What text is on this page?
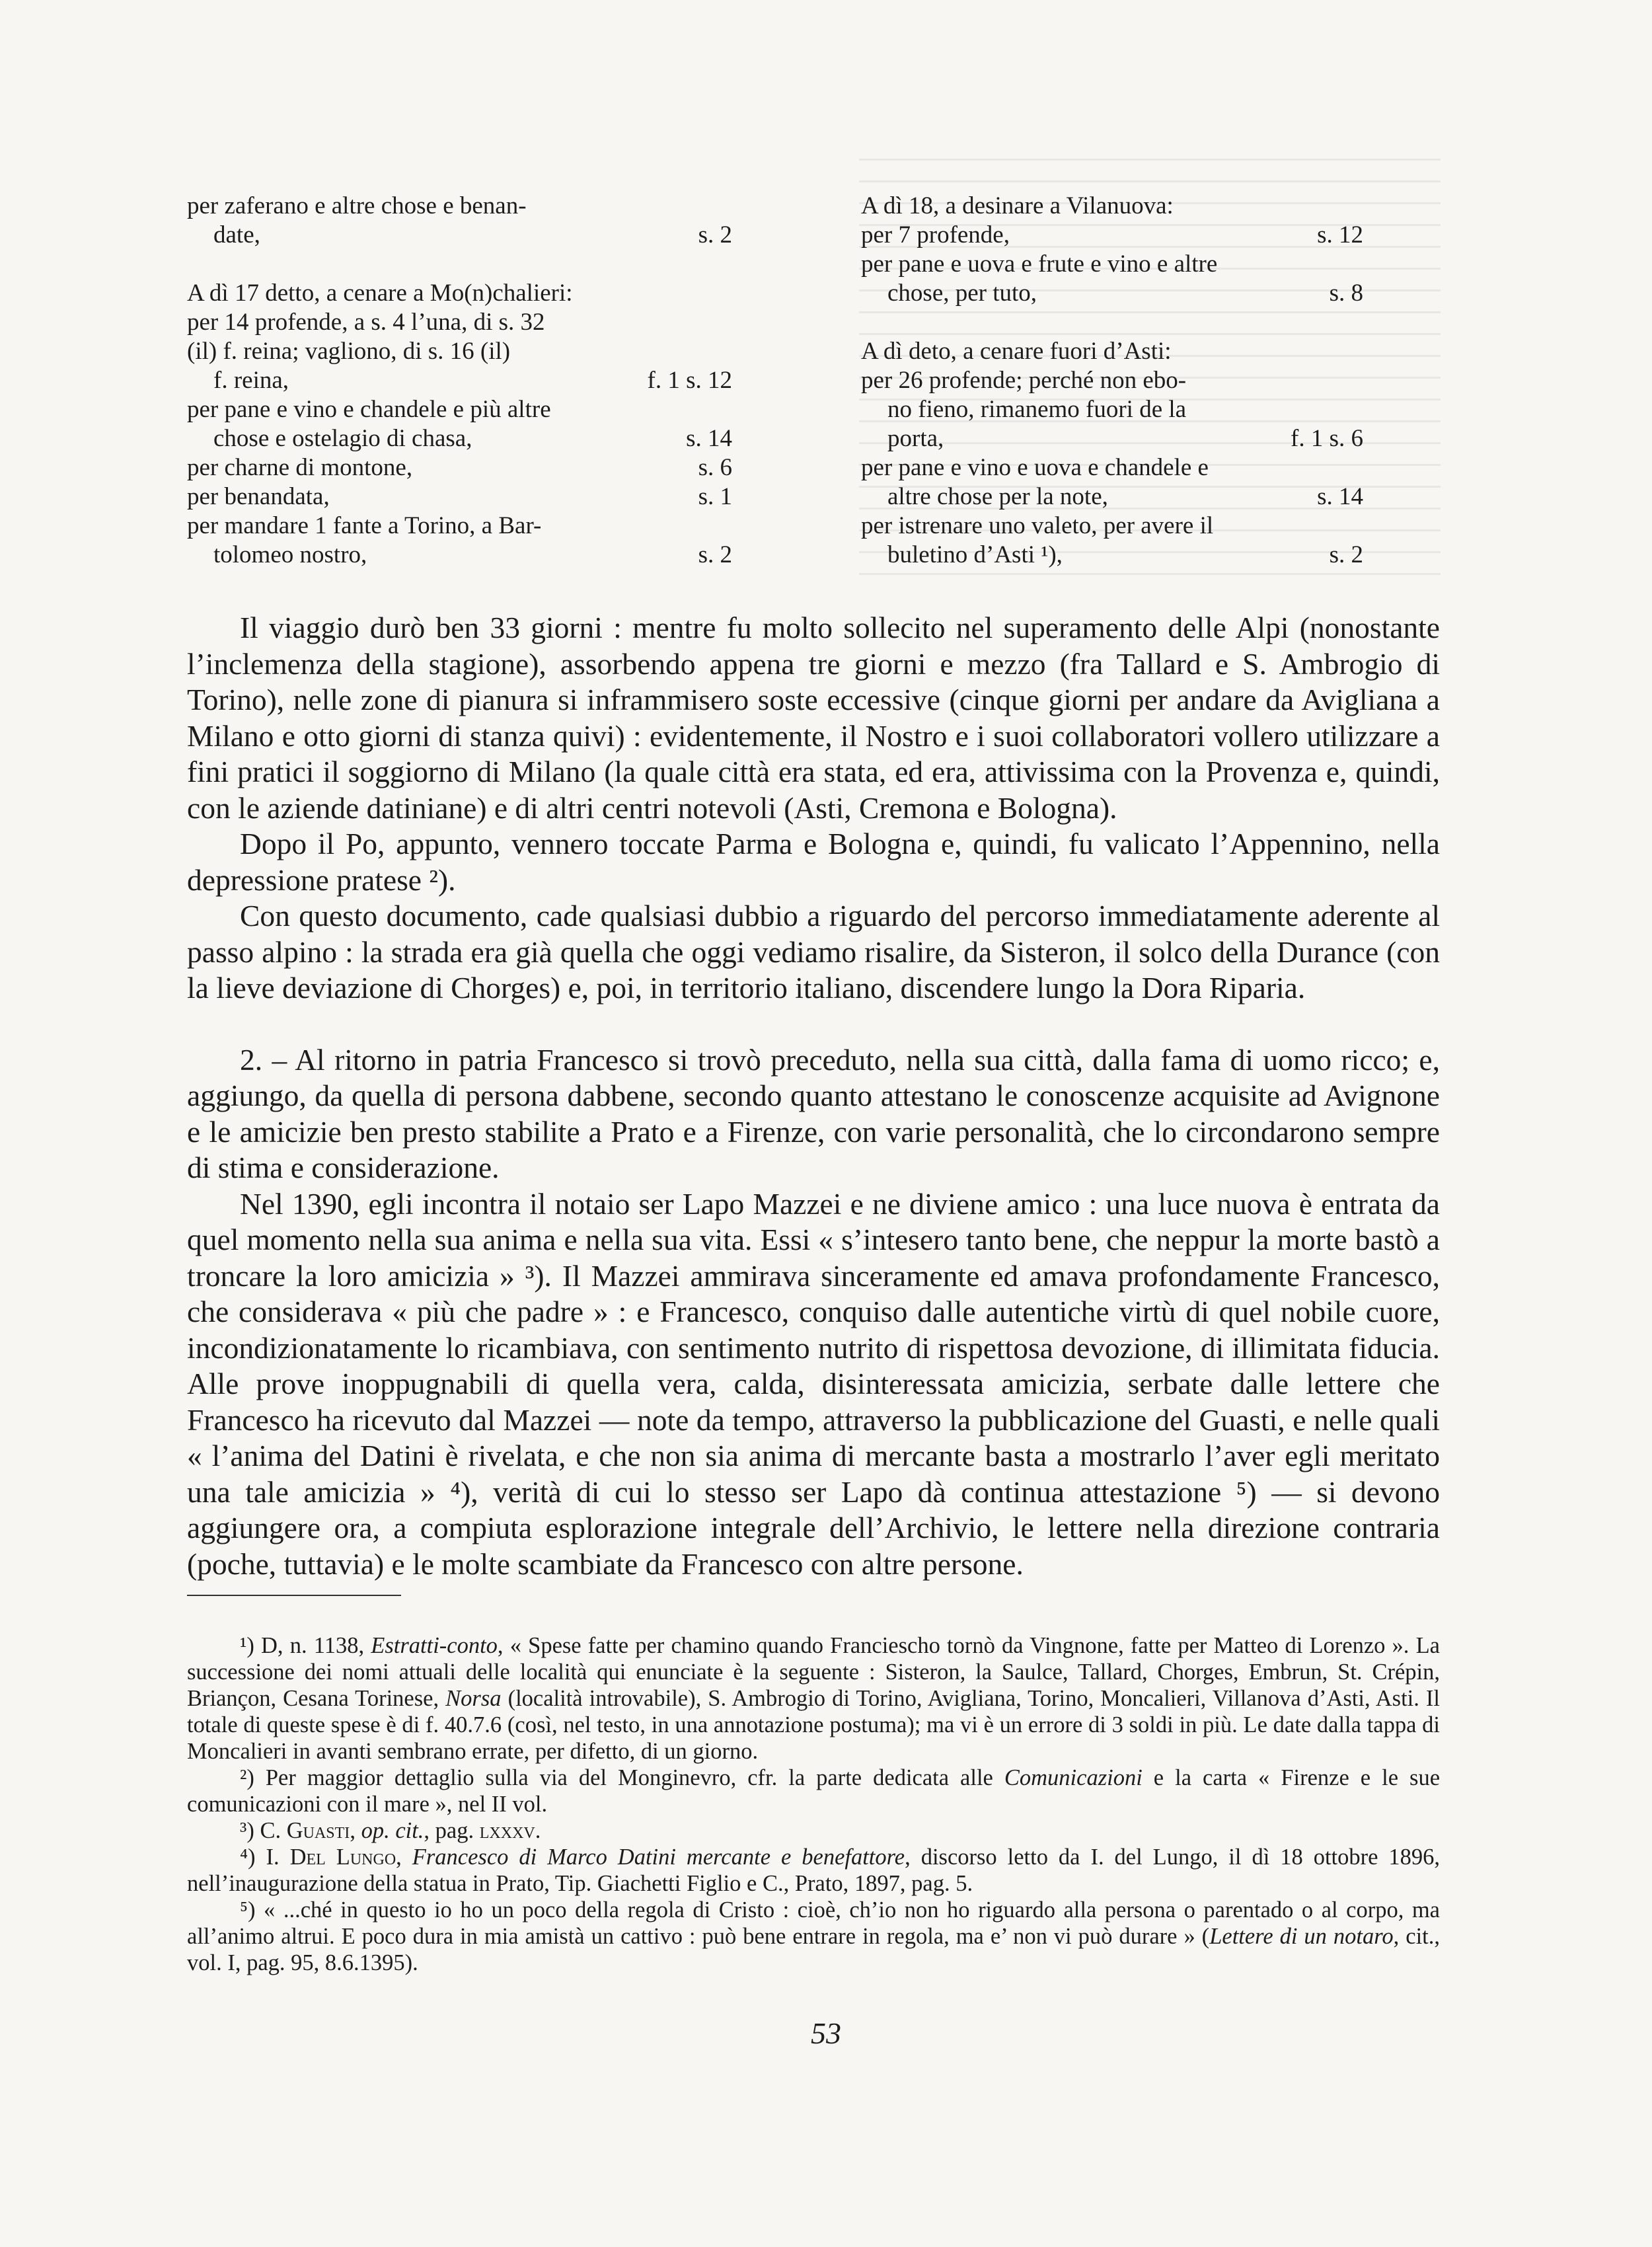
per zaferano e altre chose e benan-
date,	s. 2
A dì 17 detto, a cenare a Mo(n)chalieri:
per 14 profende, a s. 4 l’una, di s. 32
(il) f. reina; vagliono, di s. 16 (il)
f. reina,	f. 1 s. 12
per pane e vino e chandele e più altre
chose e ostelagio di chasa,	s. 14
per charne di montone,	s. 6
per benandata,	s. 1
per mandare 1 fante a Torino, a Bar-
tolomeo nostro,	s. 2
A dì 18, a desinare a Vilanuova:
per 7 profende,	s. 12
per pane e uova e frute e vino e altre
chose, per tuto,	s. 8
A dì deto, a cenare fuori d’Asti:
per 26 profende; perché non ebo-
no fieno, rimanemo fuori de la
porta,	f. 1 s. 6
per pane e vino e uova e chandele e
altre chose per la note,	s. 14
per istrenare uno valeto, per avere il
buletino d’Asti ¹),	s. 2

Il viaggio durò ben 33 giorni : mentre fu molto sollecito nel superamento delle Alpi (nonostante l’inclemenza della stagione), assorbendo appena tre giorni e mezzo (fra Tallard e S. Ambrogio di Torino), nelle zone di pianura si inframmisero soste eccessive (cinque giorni per andare da Avigliana a Milano e otto giorni di stanza quivi) : evidentemente, il Nostro e i suoi collaboratori vollero utilizzare a fini pratici il soggiorno di Milano (la quale città era stata, ed era, attivissima con la Provenza e, quindi, con le aziende datiniane) e di altri centri notevoli (Asti, Cremona e Bologna).

Dopo il Po, appunto, vennero toccate Parma e Bologna e, quindi, fu valicato l’Appennino, nella depressione pratese ²).

Con questo documento, cade qualsiasi dubbio a riguardo del percorso immediatamente aderente al passo alpino : la strada era già quella che oggi vediamo risalire, da Sisteron, il solco della Durance (con la lieve deviazione di Chorges) e, poi, in territorio italiano, discendere lungo la Dora Riparia.

2. – Al ritorno in patria Francesco si trovò preceduto, nella sua città, dalla fama di uomo ricco; e, aggiungo, da quella di persona dabbene, secondo quanto attestano le conoscenze acquisite ad Avignone e le amicizie ben presto stabilite a Prato e a Firenze, con varie personalità, che lo circondarono sempre di stima e considerazione.

Nel 1390, egli incontra il notaio ser Lapo Mazzei e ne diviene amico : una luce nuova è entrata da quel momento nella sua anima e nella sua vita. Essi « s’intesero tanto bene, che neppur la morte bastò a troncare la loro amicizia » ³). Il Mazzei ammirava sinceramente ed amava profondamente Francesco, che considerava « più che padre » : e Francesco, conquiso dalle autentiche virtù di quel nobile cuore, incondizionatamente lo ricambiava, con sentimento nutrito di rispettosa devozione, di illimitata fiducia. Alle prove inoppugnabili di quella vera, calda, disinteressata amicizia, serbate dalle lettere che Francesco ha ricevuto dal Mazzei — note da tempo, attraverso la pubblicazione del Guasti, e nelle quali « l’anima del Datini è rivelata, e che non sia anima di mercante basta a mostrarlo l’aver egli meritato una tale amicizia » ⁴), verità di cui lo stesso ser Lapo dà continua attestazione ⁵) — si devono aggiungere ora, a compiuta esplorazione integrale dell’Archivio, le lettere nella direzione contraria (poche, tuttavia) e le molte scambiate da Francesco con altre persone.

¹) D, n. 1138, Estratti-conto, « Spese fatte per chamino quando Franciescho tornò da Vingnone, fatte per Matteo di Lorenzo ». La successione dei nomi attuali delle località qui enunciate è la seguente : Sisteron, la Saulce, Tallard, Chorges, Embrun, St. Crépin, Briançon, Cesana Torinese, Norsa (località introvabile), S. Ambrogio di Torino, Avigliana, Torino, Moncalieri, Villanova d’Asti, Asti. Il totale di queste spese è di f. 40.7.6 (così, nel testo, in una annotazione postuma); ma vi è un errore di 3 soldi in più. Le date dalla tappa di Moncalieri in avanti sembrano errate, per difetto, di un giorno.

²) Per maggior dettaglio sulla via del Monginevro, cfr. la parte dedicata alle Comunicazioni e la carta « Firenze e le sue comunicazioni con il mare », nel II vol.

³) C. Guasti, op. cit., pag. lxxxv.

⁴) I. Del Lungo, Francesco di Marco Datini mercante e benefattore, discorso letto da I. del Lungo, il dì 18 ottobre 1896, nell’inaugurazione della statua in Prato, Tip. Giachetti Figlio e C., Prato, 1897, pag. 5.

⁵) « ...ché in questo io ho un poco della regola di Cristo : cioè, ch’io non ho riguardo alla persona o parentado o al corpo, ma all’animo altrui. E poco dura in mia amistà un cattivo : può bene entrare in regola, ma e’ non vi può durare » (Lettere di un notaro, cit., vol. I, pag. 95, 8.6.1395).

53
